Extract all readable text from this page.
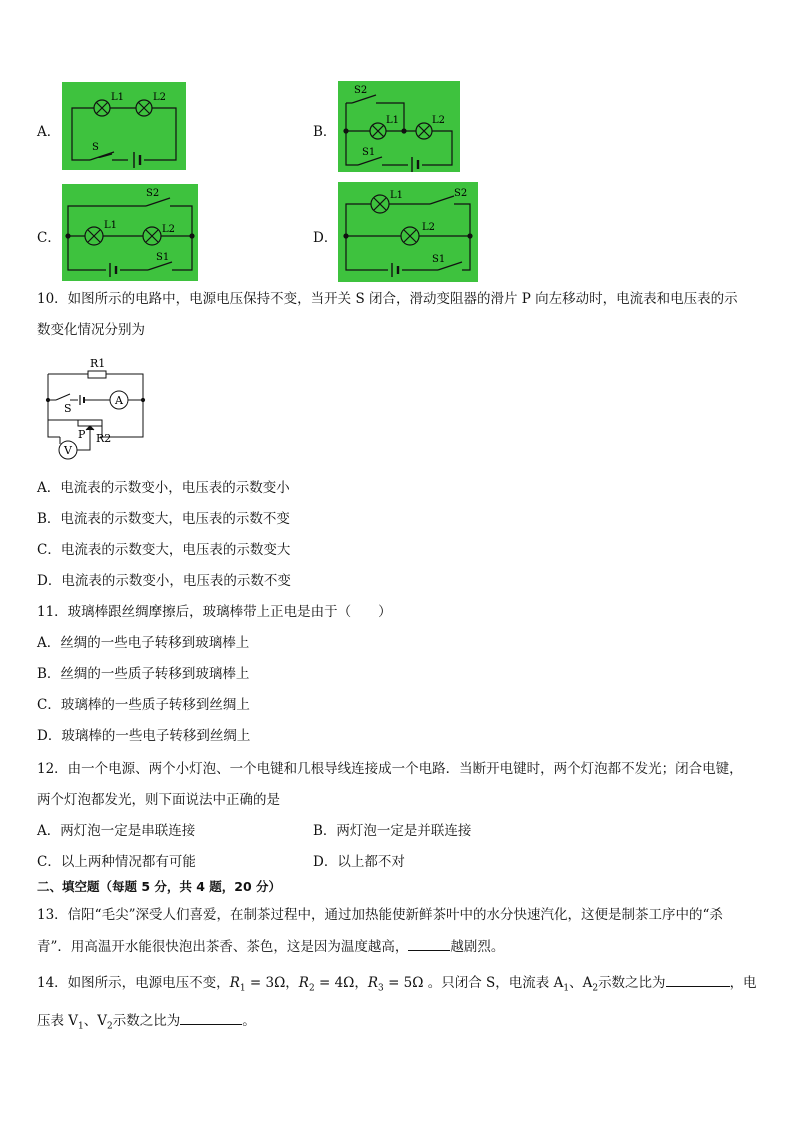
A．
L1	L2
S
B．
S2
L1	L2
S1
C．
S2
L1	L2
S1
D．
L1	S2
L2
S1
10．如图所示的电路中，电源电压保持不变，当开关 S 闭合，滑动变阻器的滑片 P 向左移动时，电流表和电压表的示
数变化情况分别为
R1
S
A
P R2
V
A．电流表的示数变小，电压表的示数变小
B．电流表的示数变大，电压表的示数不变
C．电流表的示数变大，电压表的示数变大
D．电流表的示数变小，电压表的示数不变
11．玻璃棒跟丝绸摩擦后，玻璃棒带上正电是由于（　　）
A．丝绸的一些电子转移到玻璃棒上
B．丝绸的一些质子转移到玻璃棒上
C．玻璃棒的一些质子转移到丝绸上
D．玻璃棒的一些电子转移到丝绸上
12．由一个电源、两个小灯泡、一个电键和几根导线连接成一个电路．当断开电键时，两个灯泡都不发光；闭合电键，
两个灯泡都发光，则下面说法中正确的是
A．两灯泡一定是串联连接	B．两灯泡一定是并联连接
C．以上两种情况都有可能	D．以上都不对
二、填空题（每题 5 分，共 4 题，20 分）
13．信阳“毛尖”深受人们喜爱，在制茶过程中，通过加热能使新鲜茶叶中的水分快速汽化，这便是制茶工序中的“杀
青”．用高温开水能很快泡出茶香、茶色，这是因为温度越高，	越剧烈。
14．如图所示，电源电压不变，$R_1 = 3\Omega$，$R_2 = 4\Omega$，$R_3 = 5\Omega$ 。只闭合 S，电流表 $A_1$、$A_2$示数之比为	，电
压表 $V_1$、$V_2$示数之比为	。
